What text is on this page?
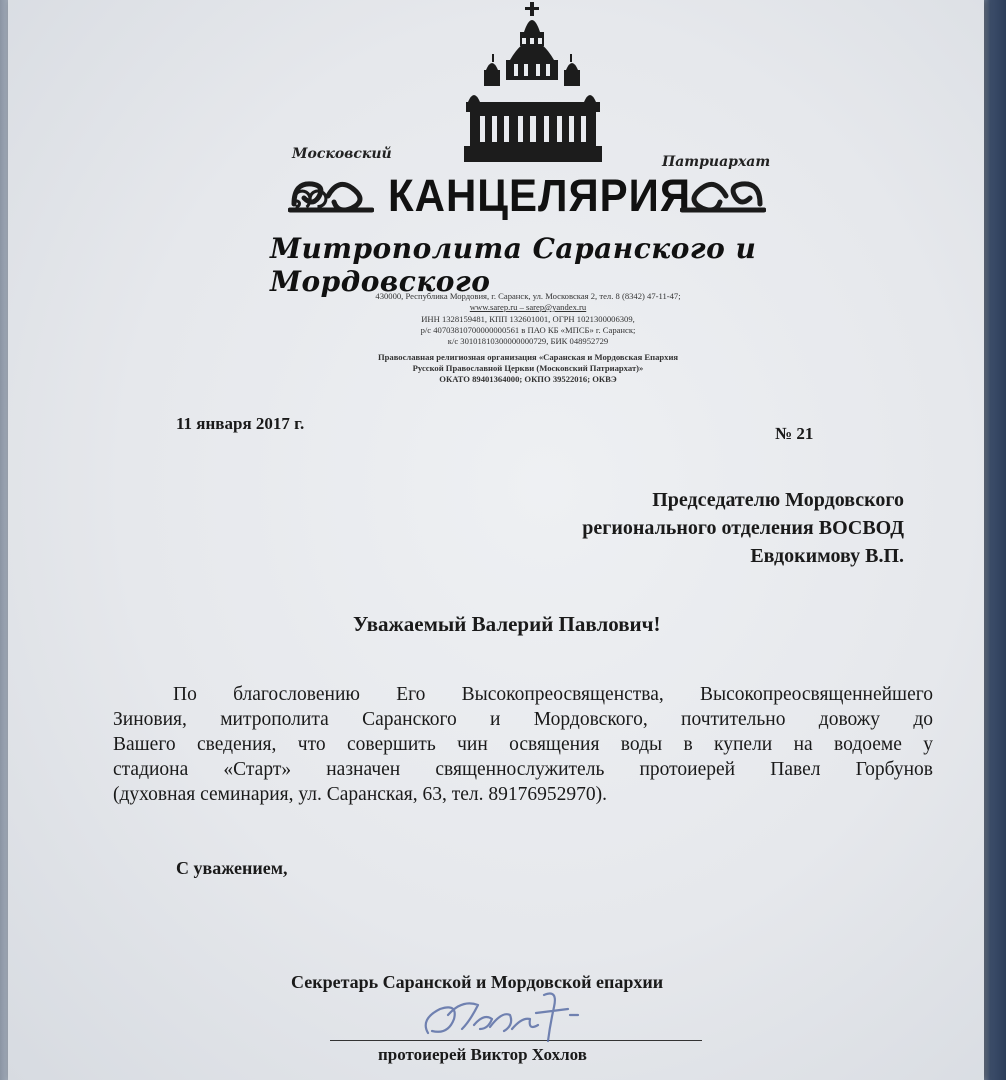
Московский	Патриархат
ဢ КАНЦЕЛЯРИЯ
Митрополита Саранского и Мордовского
430000, Республика Мордовия, г. Саранск, ул. Московская 2, тел. 8 (8342) 47-11-47;
www.sarep.ru – sarep@yandex.ru
ИНН 1328159481, КПП 132601001, ОГРН 1021300006309,
р/с 40703810700000000561 в ПАО КБ «МПСБ» г. Саранск;
к/с 30101810300000000729, БИК 048952729
Православная религиозная организация «Саранская и Мордовская Епархия
Русской Православной Церкви (Московский Патриархат)»
ОКАТО 89401364000; ОКПО 39522016; ОКВЭ
11 января 2017 г.
№ 21
Председателю Мордовского
регионального отделения ВОСВОД
Евдокимову В.П.
Уважаемый Валерий Павлович!
По благословению Его Высокопреосвященства, Высокопреосвященнейшего
Зиновия, митрополита Саранского и Мордовского, почтительно довожу до
Вашего сведения, что совершить чин освящения воды в купели на водоеме у
стадиона «Старт» назначен священнослужитель протоиерей Павел Горбунов
(духовная семинария, ул. Саранская, 63, тел. 89176952970).
С уважением,
Секретарь Саранской и Мордовской епархии
протоиерей Виктор Хохлов
